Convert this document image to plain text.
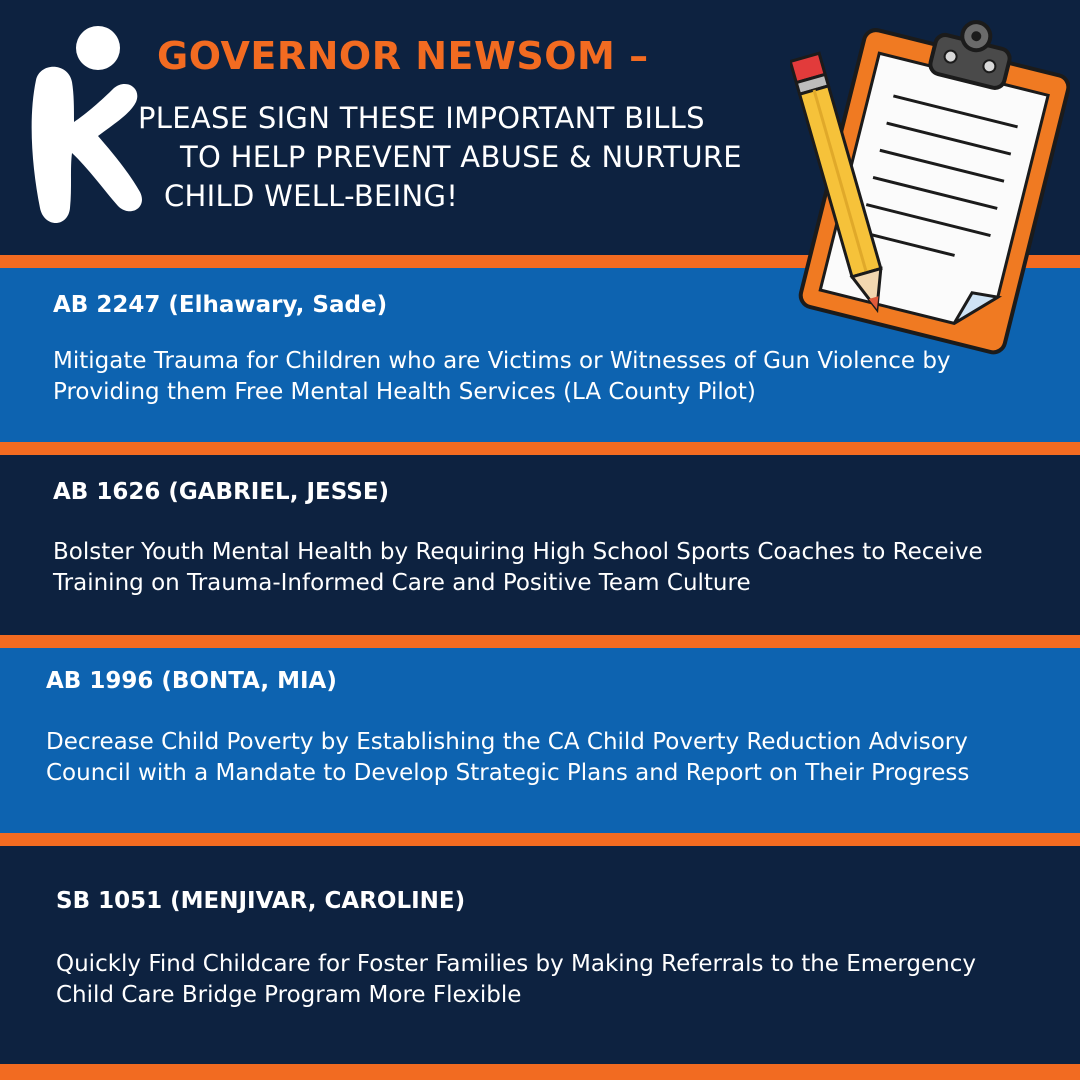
GOVERNOR NEWSOM –
PLEASE SIGN THESE IMPORTANT BILLS
TO HELP PREVENT ABUSE & NURTURE
CHILD WELL-BEING!
AB 2247 (Elhawary, Sade)
Mitigate Trauma for Children who are Victims or Witnesses of Gun Violence by Providing them Free Mental Health Services (LA County Pilot)
AB 1626 (GABRIEL, JESSE)
Bolster Youth Mental Health by Requiring High School Sports Coaches to Receive Training on Trauma-Informed Care and Positive Team Culture
AB 1996 (BONTA, MIA)
Decrease Child Poverty by Establishing the CA Child Poverty Reduction Advisory Council with a Mandate to Develop Strategic Plans and Report on Their Progress
SB 1051 (MENJIVAR, CAROLINE)
Quickly Find Childcare for Foster Families by Making Referrals to the Emergency Child Care Bridge Program More Flexible
